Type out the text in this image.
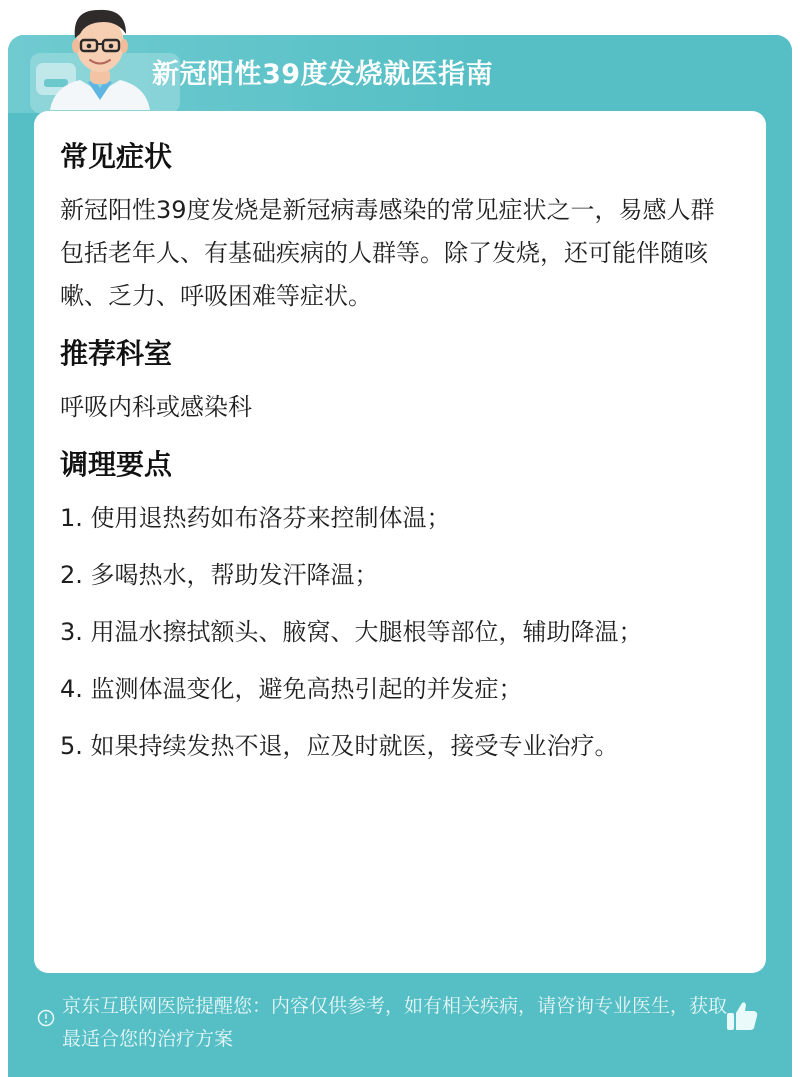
新冠阳性39度发烧就医指南
常见症状
新冠阳性39度发烧是新冠病毒感染的常见症状之一，易感人群包括老年人、有基础疾病的人群等。除了发烧，还可能伴随咳嗽、乏力、呼吸困难等症状。
推荐科室
呼吸内科或感染科
调理要点
1. 使用退热药如布洛芬来控制体温；
2. 多喝热水，帮助发汗降温；
3. 用温水擦拭额头、腋窝、大腿根等部位，辅助降温；
4. 监测体温变化，避免高热引起的并发症；
5. 如果持续发热不退，应及时就医，接受专业治疗。
京东互联网医院提醒您：内容仅供参考，如有相关疾病，请咨询专业医生，获取最适合您的治疗方案
